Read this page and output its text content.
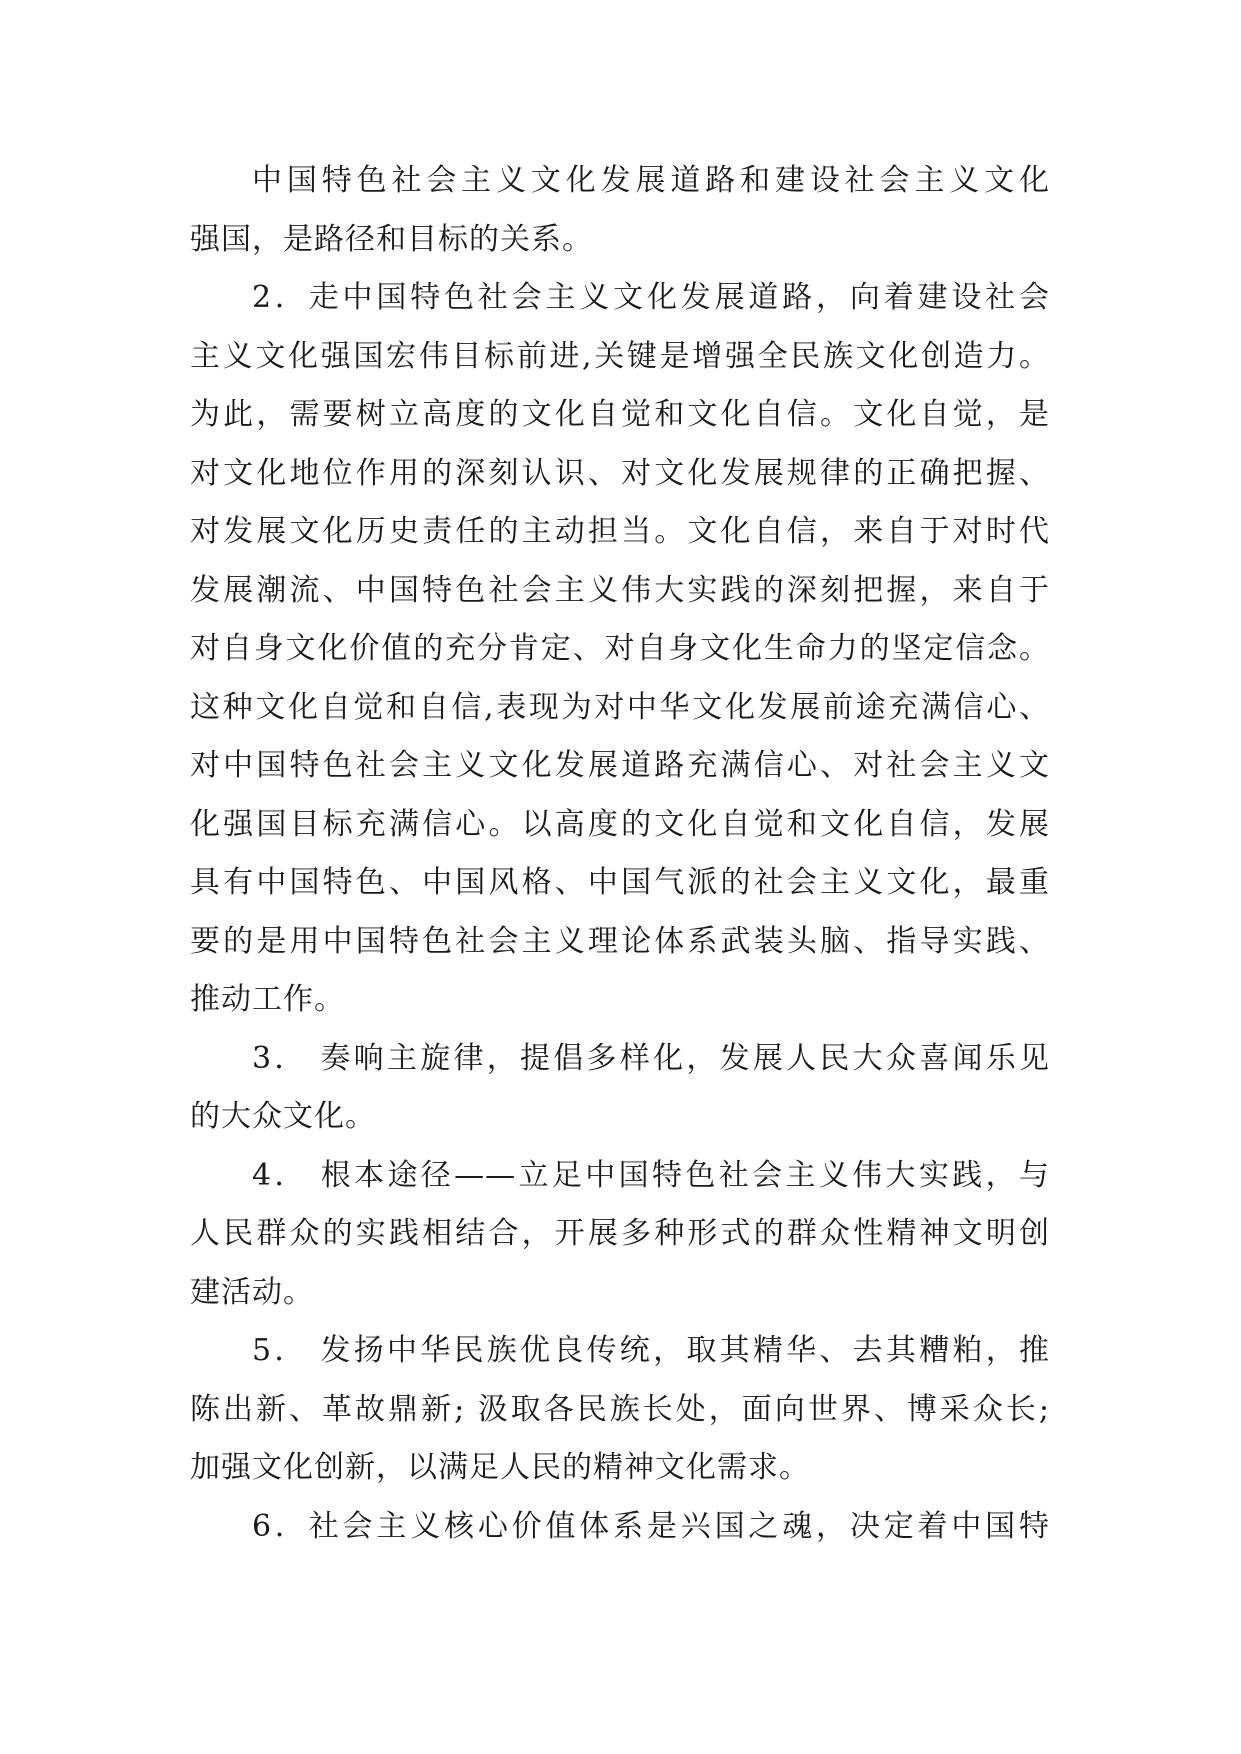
中国特色社会主义文化发展道路和建设社会主义文化
强国，是路径和目标的关系。
2．走中国特色社会主义文化发展道路，向着建设社会
主义文化强国宏伟目标前进,关键是增强全民族文化创造力。
为此，需要树立高度的文化自觉和文化自信。文化自觉，是
对文化地位作用的深刻认识、对文化发展规律的正确把握、
对发展文化历史责任的主动担当。文化自信，来自于对时代
发展潮流、中国特色社会主义伟大实践的深刻把握，来自于
对自身文化价值的充分肯定、对自身文化生命力的坚定信念。
这种文化自觉和自信,表现为对中华文化发展前途充满信心、
对中国特色社会主义文化发展道路充满信心、对社会主义文
化强国目标充满信心。以高度的文化自觉和文化自信，发展
具有中国特色、中国风格、中国气派的社会主义文化，最重
要的是用中国特色社会主义理论体系武装头脑、指导实践、
推动工作。
3． 奏响主旋律，提倡多样化，发展人民大众喜闻乐见
的大众文化。
4． 根本途径——立足中国特色社会主义伟大实践，与
人民群众的实践相结合，开展多种形式的群众性精神文明创
建活动。
5． 发扬中华民族优良传统，取其精华、去其糟粕，推
陈出新、革故鼎新; 汲取各民族长处，面向世界、博采众长;
加强文化创新，以满足人民的精神文化需求。
6．社会主义核心价值体系是兴国之魂，决定着中国特
